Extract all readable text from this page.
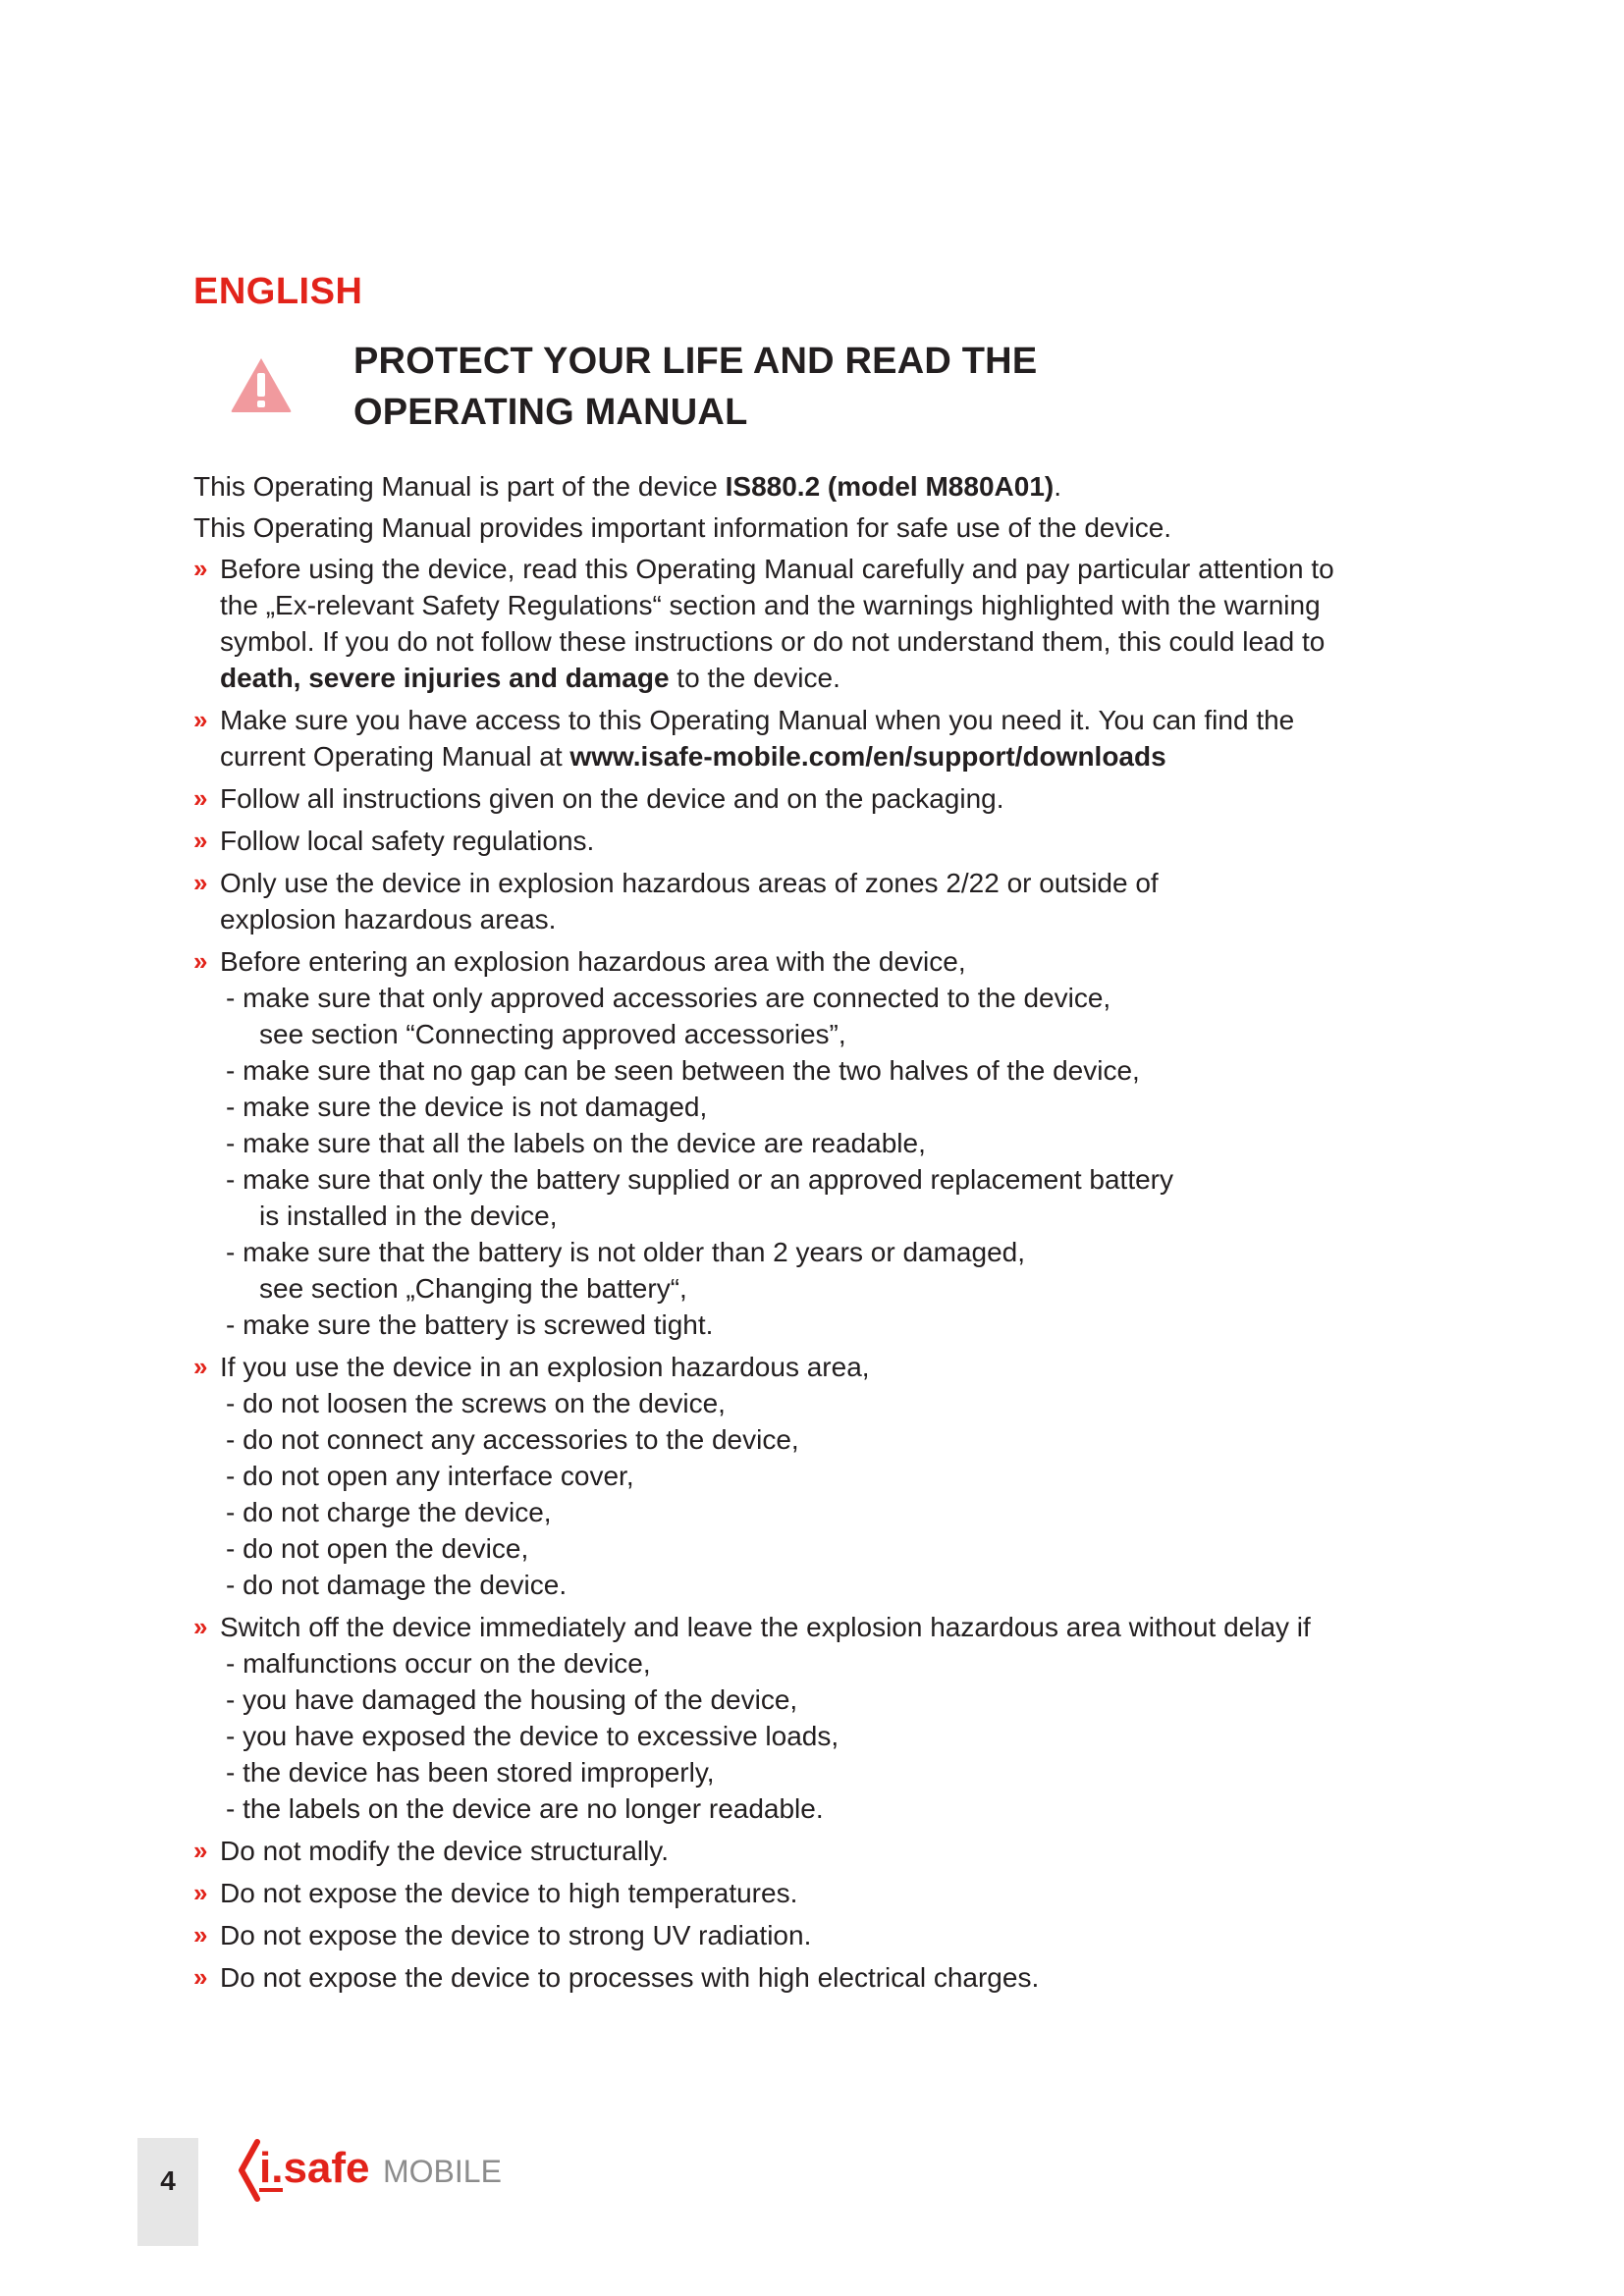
ENGLISH
PROTECT YOUR LIFE AND READ THE
OPERATING MANUAL

This Operating Manual is part of the device IS880.2 (model M880A01).

This Operating Manual provides important information for safe use of the device.

» Before using the device, read this Operating Manual carefully and pay particular attention to
the „Ex-relevant Safety Regulations“ section and the warnings highlighted with the warning
symbol. If you do not follow these instructions or do not understand them, this could lead to
death, severe injuries and damage to the device.
» Make sure you have access to this Operating Manual when you need it. You can find the
current Operating Manual at www.isafe-mobile.com/en/support/downloads
» Follow all instructions given on the device and on the packaging.
» Follow local safety regulations.
» Only use the device in explosion hazardous areas of zones 2/22 or outside of
explosion hazardous areas.
» Before entering an explosion hazardous area with the device,
- make sure that only approved accessories are connected to the device,
see section “Connecting approved accessories”,
- make sure that no gap can be seen between the two halves of the device,
- make sure the device is not damaged,
- make sure that all the labels on the device are readable,
- make sure that only the battery supplied or an approved replacement battery
is installed in the device,
- make sure that the battery is not older than 2 years or damaged,
see section „Changing the battery“,
- make sure the battery is screwed tight.
» If you use the device in an explosion hazardous area,
- do not loosen the screws on the device,
- do not connect any accessories to the device,
- do not open any interface cover,
- do not charge the device,
- do not open the device,
- do not damage the device.
» Switch off the device immediately and leave the explosion hazardous area without delay if
- malfunctions occur on the device,
- you have damaged the housing of the device,
- you have exposed the device to excessive loads,
- the device has been stored improperly,
- the labels on the device are no longer readable.
» Do not modify the device structurally.
» Do not expose the device to high temperatures.
» Do not expose the device to strong UV radiation.
» Do not expose the device to processes with high electrical charges.
4	i.safe MOBILE
